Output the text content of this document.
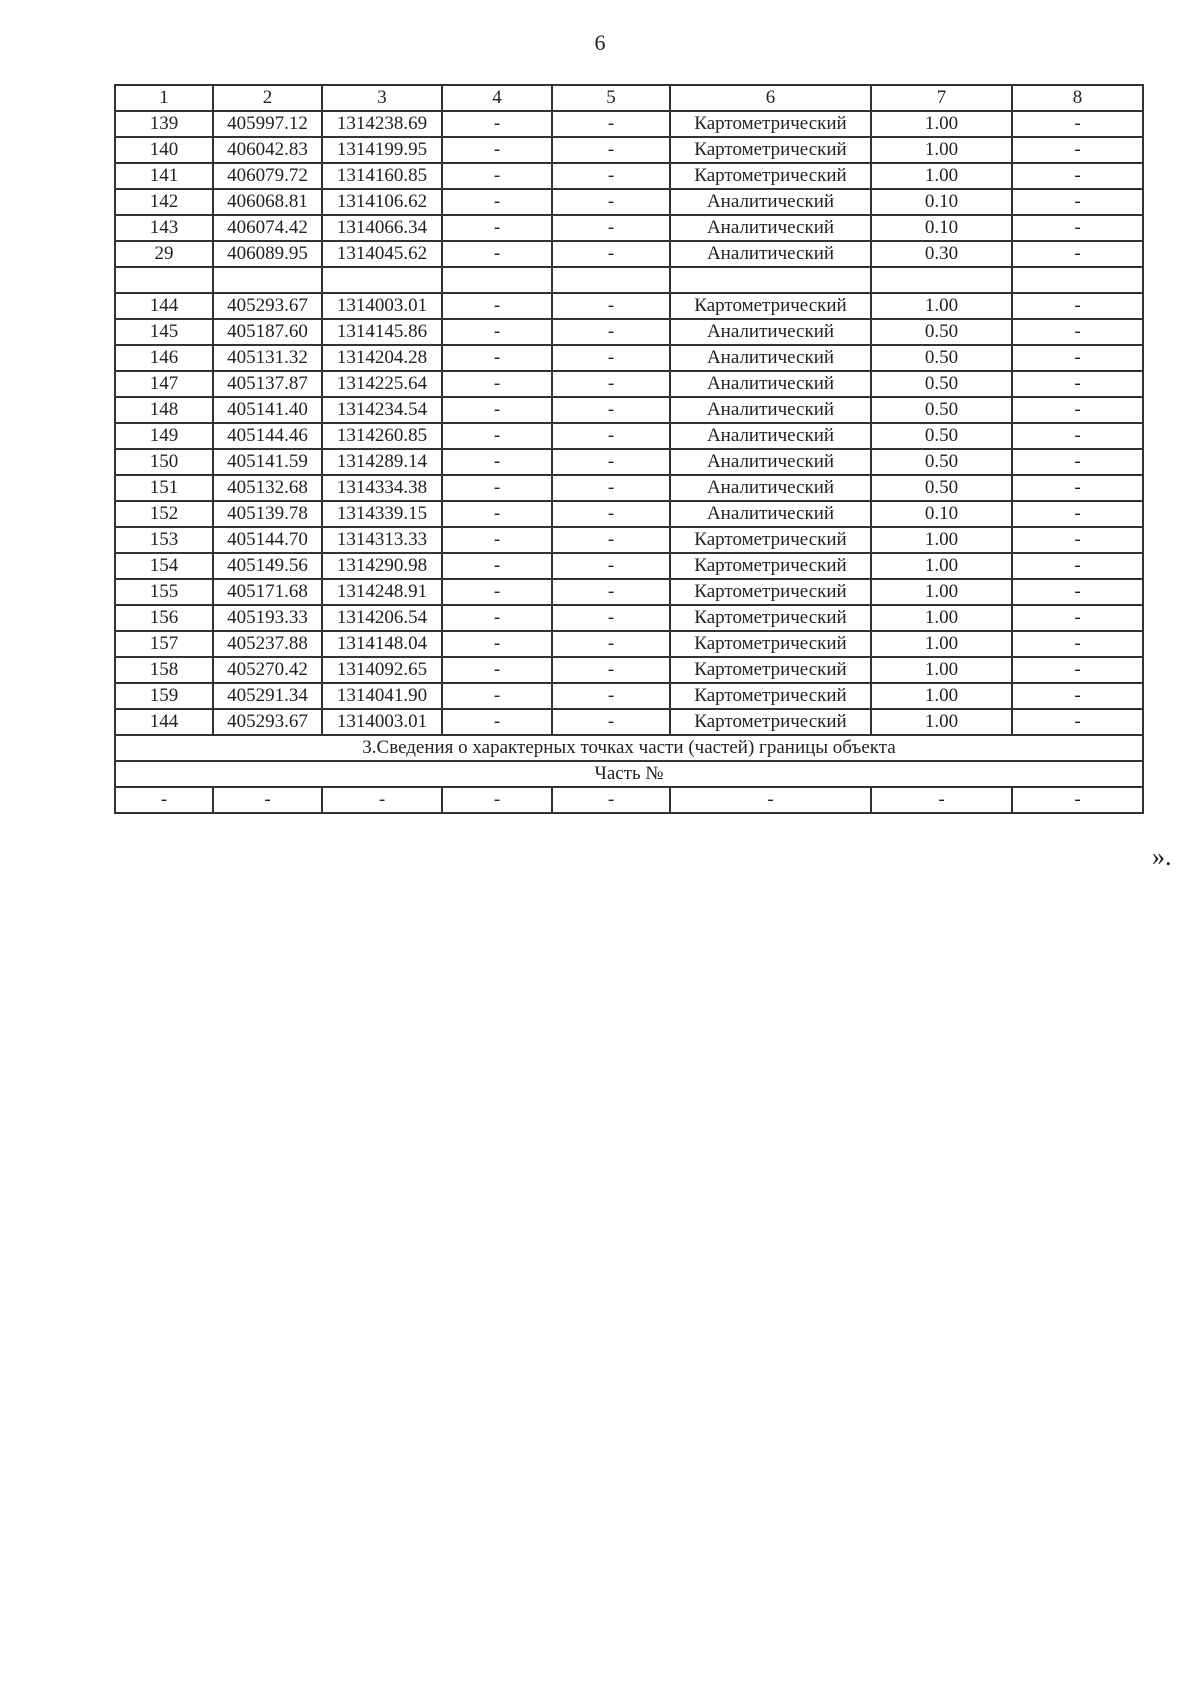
6
1	2	3	4	5	6	7	8
139	405997.12	1314238.69	-	-	Картометрический	1.00	-
140	406042.83	1314199.95	-	-	Картометрический	1.00	-
141	406079.72	1314160.85	-	-	Картометрический	1.00	-
142	406068.81	1314106.62	-	-	Аналитический	0.10	-
143	406074.42	1314066.34	-	-	Аналитический	0.10	-
29	406089.95	1314045.62	-	-	Аналитический	0.30	-

144	405293.67	1314003.01	-	-	Картометрический	1.00	-
145	405187.60	1314145.86	-	-	Аналитический	0.50	-
146	405131.32	1314204.28	-	-	Аналитический	0.50	-
147	405137.87	1314225.64	-	-	Аналитический	0.50	-
148	405141.40	1314234.54	-	-	Аналитический	0.50	-
149	405144.46	1314260.85	-	-	Аналитический	0.50	-
150	405141.59	1314289.14	-	-	Аналитический	0.50	-
151	405132.68	1314334.38	-	-	Аналитический	0.50	-
152	405139.78	1314339.15	-	-	Аналитический	0.10	-
153	405144.70	1314313.33	-	-	Картометрический	1.00	-
154	405149.56	1314290.98	-	-	Картометрический	1.00	-
155	405171.68	1314248.91	-	-	Картометрический	1.00	-
156	405193.33	1314206.54	-	-	Картометрический	1.00	-
157	405237.88	1314148.04	-	-	Картометрический	1.00	-
158	405270.42	1314092.65	-	-	Картометрический	1.00	-
159	405291.34	1314041.90	-	-	Картометрический	1.00	-
144	405293.67	1314003.01	-	-	Картометрический	1.00	-
3.Сведения о характерных точках части (частей) границы объекта							
Часть №							
-	-	-	-	-	-	-	-
».
